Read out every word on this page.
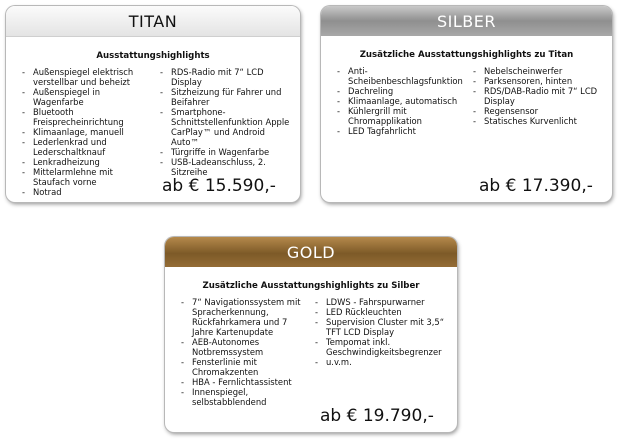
TITAN
Ausstattungshighlights
- Außenspiegel elektrisch verstellbar und beheizt
- Außenspiegel in Wagenfarbe
- Bluetooth Freisprecheinrichtung
- Klimaanlage, manuell
- Lederlenkrad und Lederschaltknauf
- Lenkradheizung
- Mittelarmlehne mit Staufach vorne
- Notrad
- RDS-Radio mit 7“ LCD Display
- Sitzheizung für Fahrer und Beifahrer
- Smartphone-Schnittstellenfunktion Apple CarPlay™ und Android Auto™
- Türgriffe in Wagenfarbe
- USB-Ladeanschluss, 2. Sitzreihe
ab € 15.590,-
SILBER
Zusätzliche Ausstattungshighlights zu Titan
- Anti-Scheibenbeschlagsfunktion
- Dachreling
- Klimaanlage, automatisch
- Kühlergrill mit Chromapplikation
- LED Tagfahrlicht
- Nebelscheinwerfer
- Parksensoren, hinten
- RDS/DAB-Radio mit 7“ LCD Display
- Regensensor
- Statisches Kurvenlicht
ab € 17.390,-
GOLD
Zusätzliche Ausstattungshighlights zu Silber
- 7“ Navigationssystem mit Spracherkennung, Rückfahrkamera und 7 Jahre Kartenupdate
- AEB-Autonomes Notbremssystem
- Fensterlinie mit Chromakzenten
- HBA - Fernlichtassistent
- Innenspiegel, selbstabblendend
- LDWS - Fahrspurwarner
- LED Rückleuchten
- Supervision Cluster mit 3,5“ TFT LCD Display
- Tempomat inkl. Geschwindigkeitsbegrenzer
- u.v.m.
ab € 19.790,-
